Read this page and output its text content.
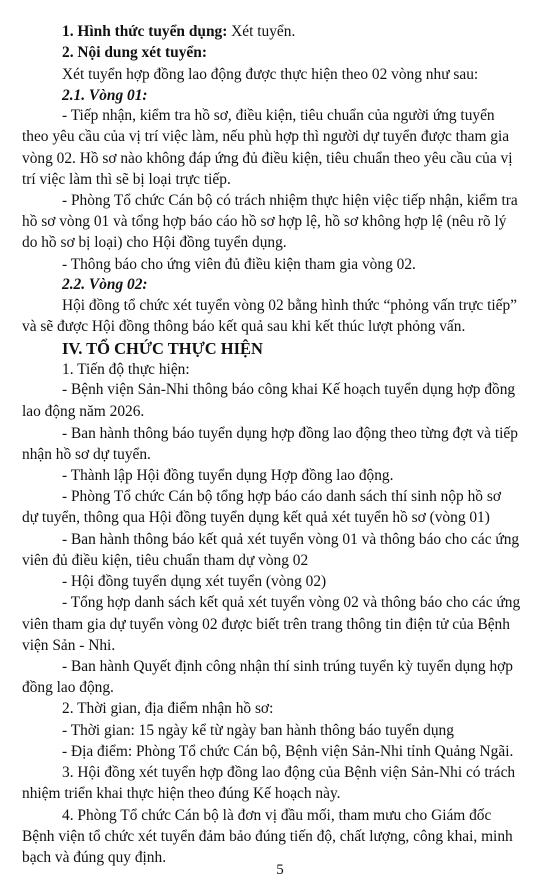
1. Hình thức tuyển dụng: Xét tuyển.
2. Nội dung xét tuyển:
Xét tuyển hợp đồng lao động được thực hiện theo 02 vòng như sau:
2.1. Vòng 01:
- Tiếp nhận, kiểm tra hồ sơ, điều kiện, tiêu chuẩn của người ứng tuyển
theo yêu cầu của vị trí việc làm, nếu phù hợp thì người dự tuyển được tham gia
vòng 02. Hồ sơ nào không đáp ứng đủ điều kiện, tiêu chuẩn theo yêu cầu của vị
trí việc làm thì sẽ bị loại trực tiếp.
- Phòng Tổ chức Cán bộ có trách nhiệm thực hiện việc tiếp nhận, kiểm tra
hồ sơ vòng 01 và tổng hợp báo cáo hồ sơ hợp lệ, hồ sơ không hợp lệ (nêu rõ lý
do hồ sơ bị loại) cho Hội đồng tuyển dụng.
- Thông báo cho ứng viên đủ điều kiện tham gia vòng 02.
2.2. Vòng 02:
Hội đồng tổ chức xét tuyển vòng 02 bằng hình thức “phỏng vấn trực tiếp”
và sẽ được Hội đồng thông báo kết quả sau khi kết thúc lượt phỏng vấn.
IV. TỔ CHỨC THỰC HIỆN
1. Tiến độ thực hiện:
- Bệnh viện Sản-Nhi thông báo công khai Kế hoạch tuyển dụng hợp đồng
lao động năm 2026.
- Ban hành thông báo tuyển dụng hợp đồng lao động theo từng đợt và tiếp
nhận hồ sơ dự tuyển.
- Thành lập Hội đồng tuyển dụng Hợp đồng lao động.
- Phòng Tổ chức Cán bộ tổng hợp báo cáo danh sách thí sinh nộp hồ sơ
dự tuyển, thông qua Hội đồng tuyển dụng kết quả xét tuyển hồ sơ (vòng 01)
- Ban hành thông báo kết quả xét tuyển vòng 01 và thông báo cho các ứng
viên đủ điều kiện, tiêu chuẩn tham dự vòng 02
- Hội đồng tuyển dụng xét tuyển (vòng 02)
- Tổng hợp danh sách kết quả xét tuyển vòng 02 và thông báo cho các ứng
viên tham gia dự tuyển vòng 02 được biết trên trang thông tin điện tử của Bệnh
viện Sản - Nhi.
- Ban hành Quyết định công nhận thí sinh trúng tuyển kỳ tuyển dụng hợp
đồng lao động.
2. Thời gian, địa điểm nhận hồ sơ:
- Thời gian: 15 ngày kể từ ngày ban hành thông báo tuyển dụng
- Địa điểm: Phòng Tổ chức Cán bộ, Bệnh viện Sản-Nhi tỉnh Quảng Ngãi.
3. Hội đồng xét tuyển hợp đồng lao động của Bệnh viện Sản-Nhi có trách
nhiệm triển khai thực hiện theo đúng Kế hoạch này.
4. Phòng Tổ chức Cán bộ là đơn vị đầu mối, tham mưu cho Giám đốc
Bệnh viện tổ chức xét tuyển đảm bảo đúng tiến độ, chất lượng, công khai, minh
bạch và đúng quy định.
5
